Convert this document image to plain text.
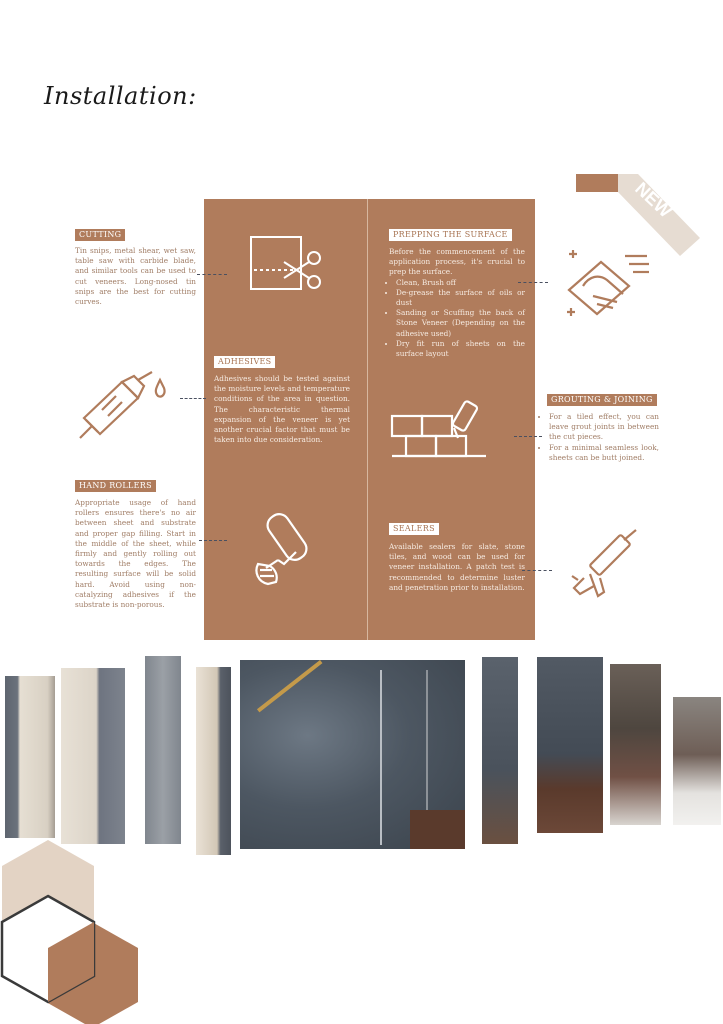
Installation:
NEW
CUTTING
Tin snips, metal shear, wet saw, table saw with carbide blade, and similar tools can be used to cut veneers. Long-nosed tin snips are the best for cutting curves.
ADHESIVES
Adhesives should be tested against the moisture levels and temperature conditions of the area in question. The characteristic thermal expansion of the veneer is yet another crucial factor that must be taken into due consideration.
HAND ROLLERS
Appropriate usage of hand rollers ensures there's no air between sheet and substrate and proper gap filling. Start in the middle of the sheet, while firmly and gently rolling out towards the edges. The resulting surface will be solid hard. Avoid using non-catalyzing adhesives if the substrate is non-porous.
PREPPING THE SURFACE
Before the commencement of the application process, it's crucial to prep the surface.
• Clean, Brush off
• De-grease the surface of oils or dust
• Sanding or Scuffing the back of Stone Veneer (Depending on the adhesive used)
• Dry fit run of sheets on the surface layout
GROUTING & JOINING
• For a tiled effect, you can leave grout joints in between the cut pieces.
• For a minimal seamless look, sheets can be butt joined.
SEALERS
Available sealers for slate, stone tiles, and wood can be used for veneer installation. A patch test is recommended to determine luster and penetration prior to installation.
